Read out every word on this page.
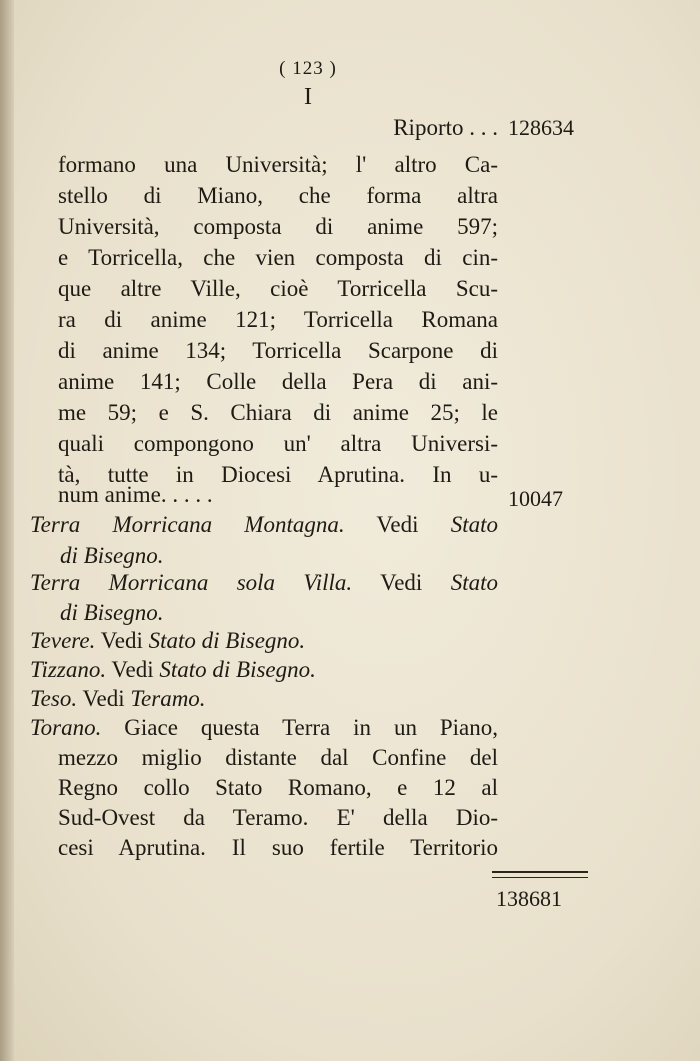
( 123 )
I
Riporto . . . 128634
formano una Università; l' altro Ca-
stello di Miano, che forma altra
Università, composta di anime 597;
e Torricella, che vien composta di cin-
que altre Ville, cioè Torricella Scu-
ra di anime 121; Torricella Romana
di anime 134; Torricella Scarpone di
anime 141; Colle della Pera di ani-
me 59; e S. Chiara di anime 25; le
quali compongono un' altra Universi-
tà, tutte in Diocesi Aprutina. In u-
num anime. . . . .	10047
Terra Morricana Montagna. Vedi Stato
di Bisegno.
Terra Morricana sola Villa. Vedi Stato
di Bisegno.
Tevere. Vedi Stato di Bisegno.
Tizzano. Vedi Stato di Bisegno.
Teso. Vedi Teramo.
Torano. Giace questa Terra in un Piano,
mezzo miglio distante dal Confine del
Regno collo Stato Romano, e 12 al
Sud-Ovest da Teramo. E' della Dio-
cesi Aprutina. Il suo fertile Territorio
138681
